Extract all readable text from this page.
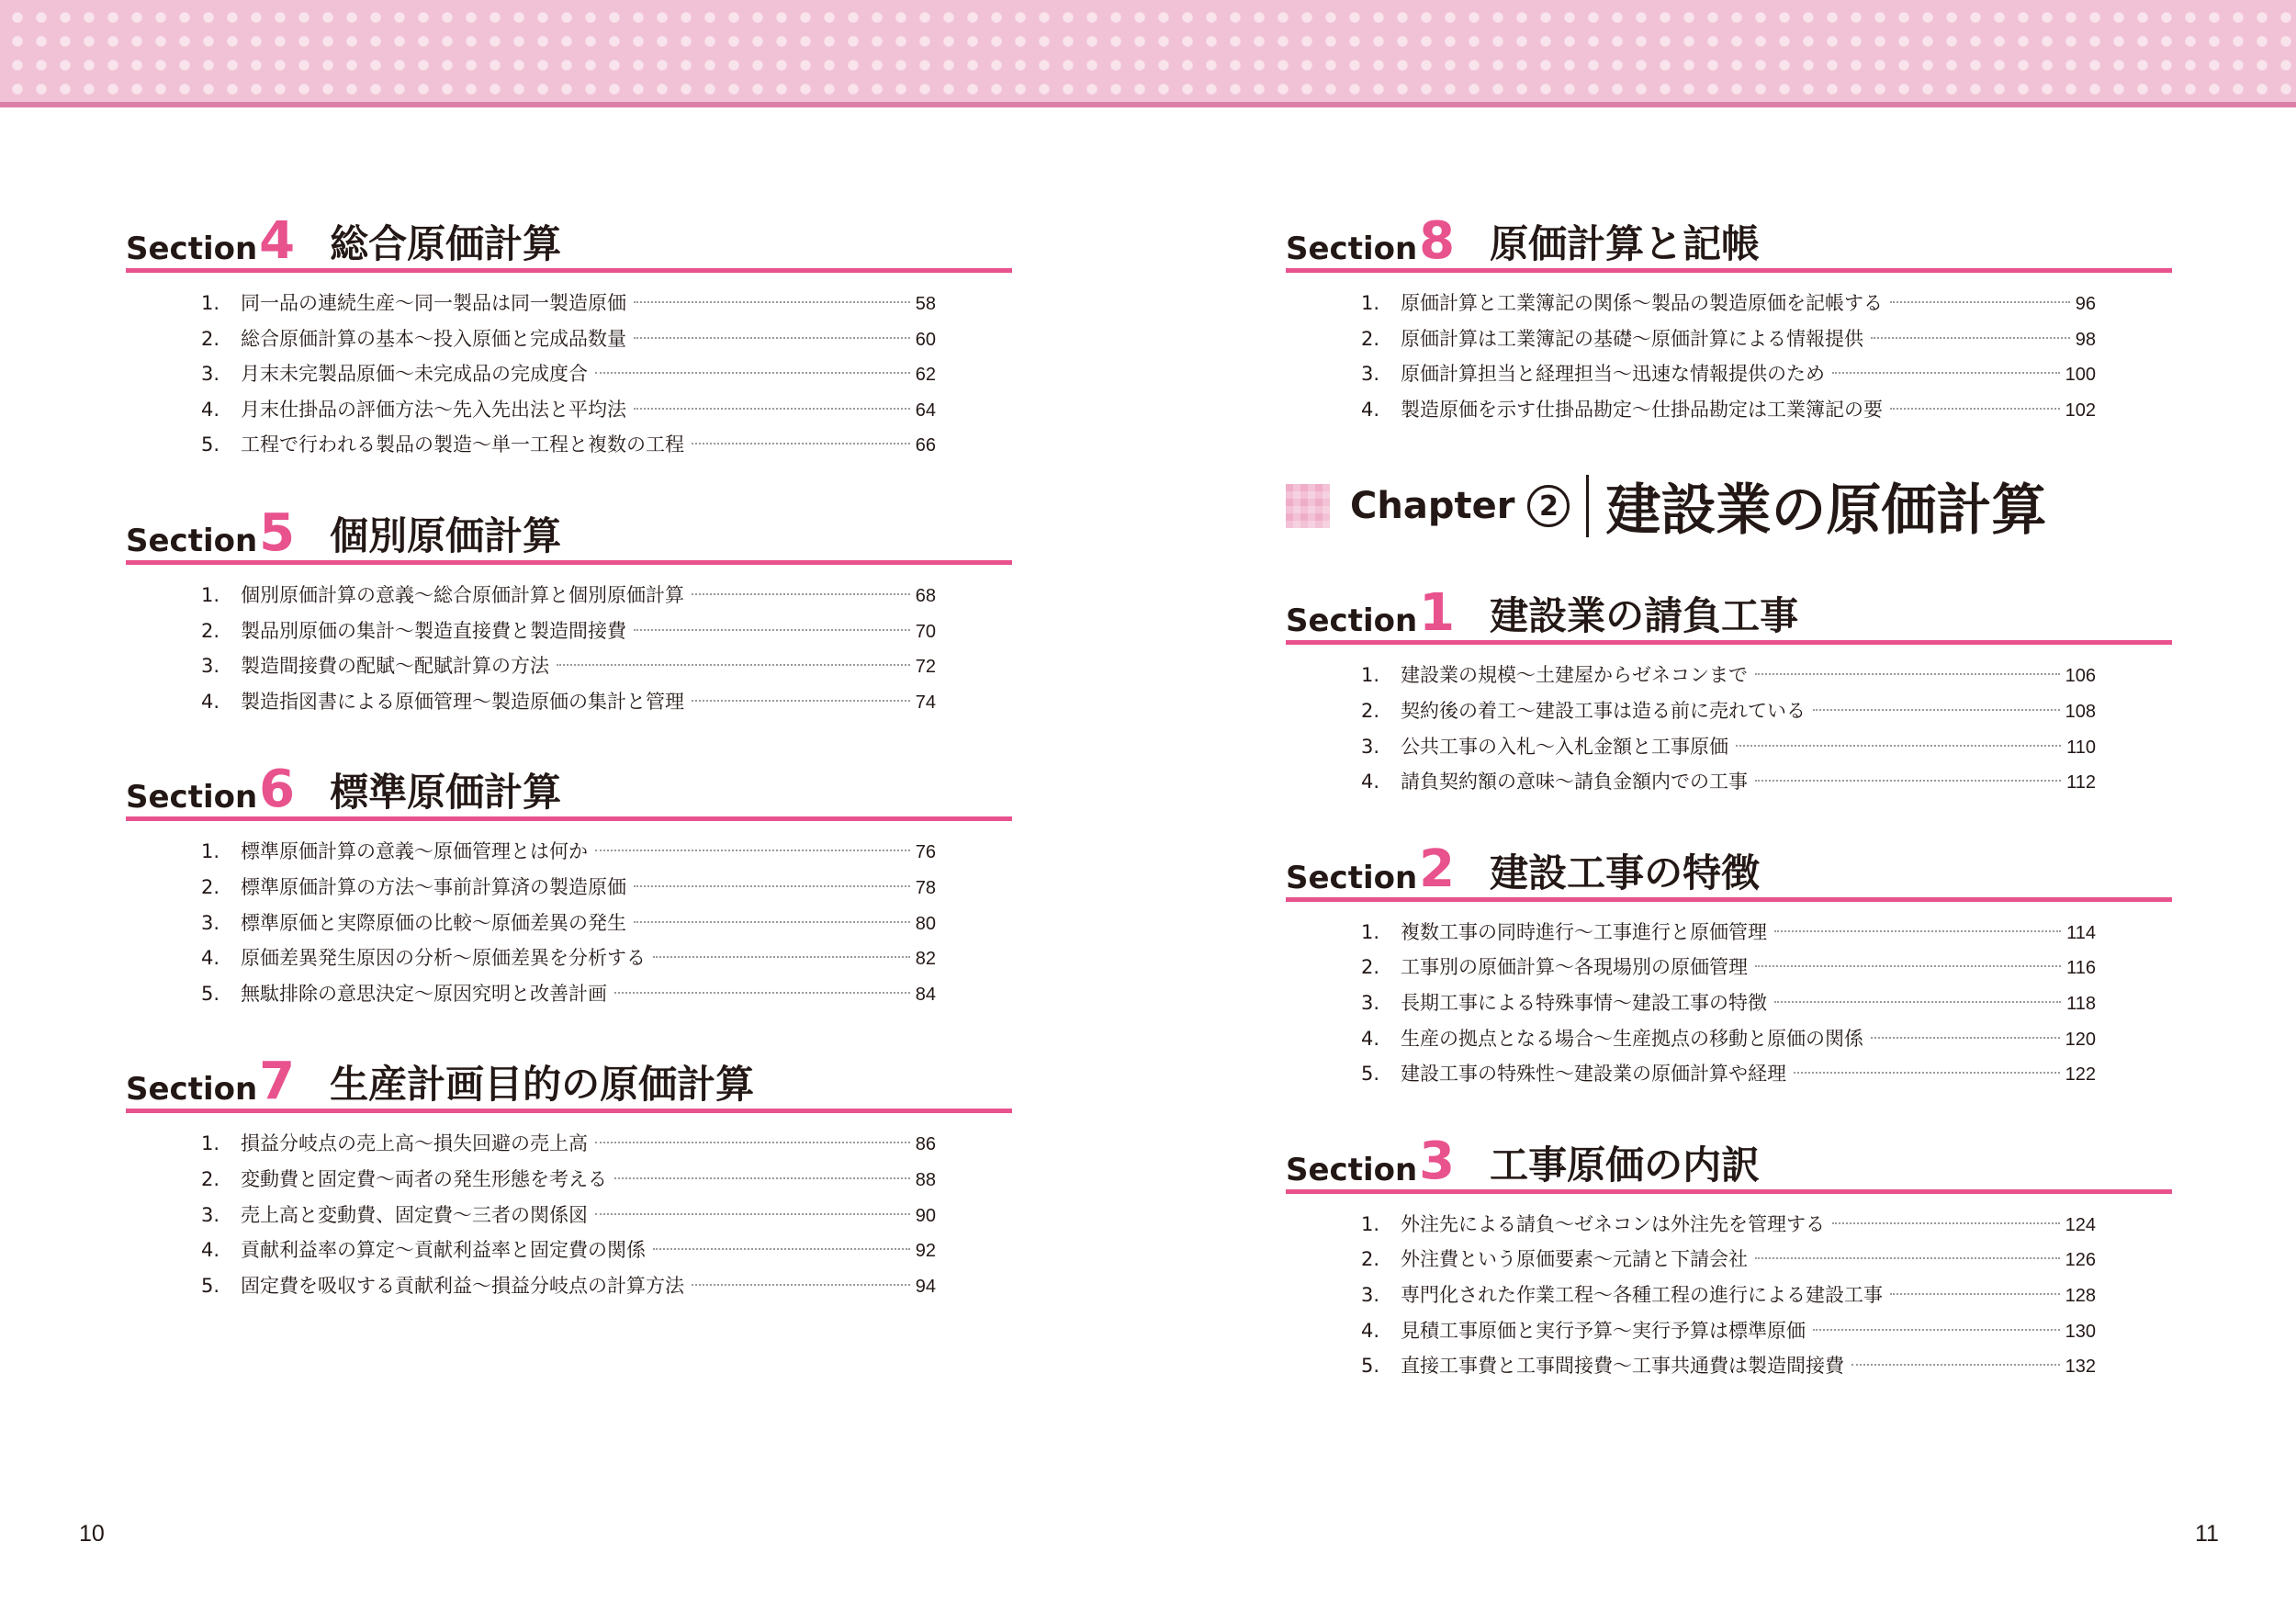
Section 4 総合原価計算
1.	同一品の連続生産～同一製品は同一製造原価	58
2.	総合原価計算の基本～投入原価と完成品数量	60
3.	月末未完製品原価～未完成品の完成度合	62
4.	月末仕掛品の評価方法～先入先出法と平均法	64
5.	工程で行われる製品の製造～単一工程と複数の工程	66
Section 5 個別原価計算
1.	個別原価計算の意義～総合原価計算と個別原価計算	68
2.	製品別原価の集計～製造直接費と製造間接費	70
3.	製造間接費の配賦～配賦計算の方法	72
4.	製造指図書による原価管理～製造原価の集計と管理	74
Section 6 標準原価計算
1.	標準原価計算の意義～原価管理とは何か	76
2.	標準原価計算の方法～事前計算済の製造原価	78
3.	標準原価と実際原価の比較～原価差異の発生	80
4.	原価差異発生原因の分析～原価差異を分析する	82
5.	無駄排除の意思決定～原因究明と改善計画	84
Section 7 生産計画目的の原価計算
1.	損益分岐点の売上高～損失回避の売上高	86
2.	変動費と固定費～両者の発生形態を考える	88
3.	売上高と変動費、固定費～三者の関係図	90
4.	貢献利益率の算定～貢献利益率と固定費の関係	92
5.	固定費を吸収する貢献利益～損益分岐点の計算方法	94
Section 8 原価計算と記帳
1.	原価計算と工業簿記の関係～製品の製造原価を記帳する	96
2.	原価計算は工業簿記の基礎～原価計算による情報提供	98
3.	原価計算担当と経理担当～迅速な情報提供のため	100
4.	製造原価を示す仕掛品勘定～仕掛品勘定は工業簿記の要	102
Chapter 2 建設業の原価計算
Section 1 建設業の請負工事
1.	建設業の規模～土建屋からゼネコンまで	106
2.	契約後の着工～建設工事は造る前に売れている	108
3.	公共工事の入札～入札金額と工事原価	110
4.	請負契約額の意味～請負金額内での工事	112
Section 2 建設工事の特徴
1.	複数工事の同時進行～工事進行と原価管理	114
2.	工事別の原価計算～各現場別の原価管理	116
3.	長期工事による特殊事情～建設工事の特徴	118
4.	生産の拠点となる場合～生産拠点の移動と原価の関係	120
5.	建設工事の特殊性～建設業の原価計算や経理	122
Section 3 工事原価の内訳
1.	外注先による請負～ゼネコンは外注先を管理する	124
2.	外注費という原価要素～元請と下請会社	126
3.	専門化された作業工程～各種工程の進行による建設工事	128
4.	見積工事原価と実行予算～実行予算は標準原価	130
5.	直接工事費と工事間接費～工事共通費は製造間接費	132
10	11
